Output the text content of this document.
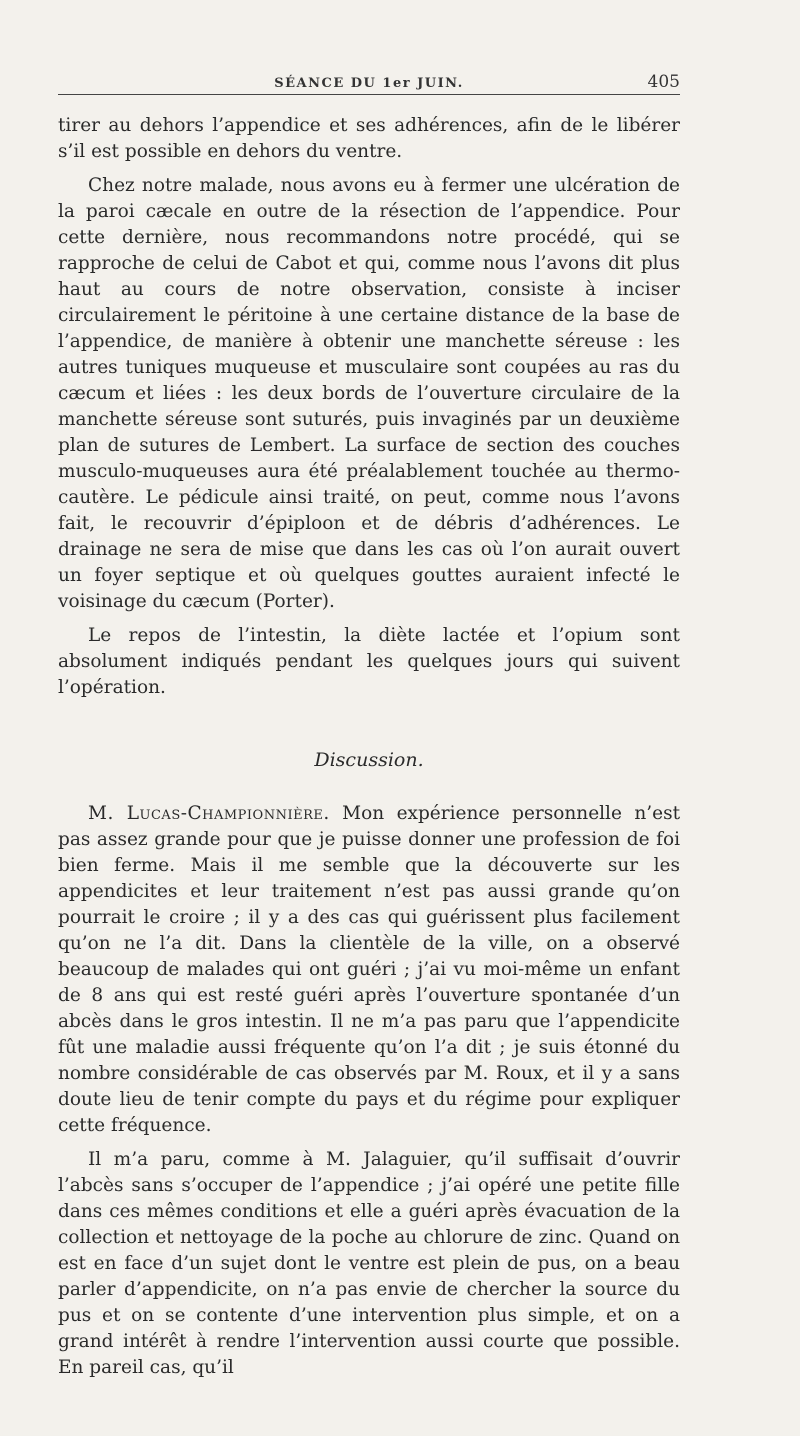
SÉANCE DU 1er JUIN.	405

tirer au dehors l’appendice et ses adhérences, afin de le libérer s’il est possible en dehors du ventre.

Chez notre malade, nous avons eu à fermer une ulcération de la paroi cæcale en outre de la résection de l’appendice. Pour cette dernière, nous recommandons notre procédé, qui se rapproche de celui de Cabot et qui, comme nous l’avons dit plus haut au cours de notre observation, consiste à inciser circulairement le péritoine à une certaine distance de la base de l’appendice, de manière à obtenir une manchette séreuse : les autres tuniques muqueuse et musculaire sont coupées au ras du cæcum et liées : les deux bords de l’ouverture circulaire de la manchette séreuse sont suturés, puis invaginés par un deuxième plan de sutures de Lembert. La surface de section des couches musculo-muqueuses aura été préalablement touchée au thermo-cautère. Le pédicule ainsi traité, on peut, comme nous l’avons fait, le recouvrir d’épiploon et de débris d’adhérences. Le drainage ne sera de mise que dans les cas où l’on aurait ouvert un foyer septique et où quelques gouttes auraient infecté le voisinage du cæcum (Porter).

Le repos de l’intestin, la diète lactée et l’opium sont absolument indiqués pendant les quelques jours qui suivent l’opération.

Discussion.

M. Lucas-Championnière. Mon expérience personnelle n’est pas assez grande pour que je puisse donner une profession de foi bien ferme. Mais il me semble que la découverte sur les appendicites et leur traitement n’est pas aussi grande qu’on pourrait le croire ; il y a des cas qui guérissent plus facilement qu’on ne l’a dit. Dans la clientèle de la ville, on a observé beaucoup de malades qui ont guéri ; j’ai vu moi-même un enfant de 8 ans qui est resté guéri après l’ouverture spontanée d’un abcès dans le gros intestin. Il ne m’a pas paru que l’appendicite fût une maladie aussi fréquente qu’on l’a dit ; je suis étonné du nombre considérable de cas observés par M. Roux, et il y a sans doute lieu de tenir compte du pays et du régime pour expliquer cette fréquence.

Il m’a paru, comme à M. Jalaguier, qu’il suffisait d’ouvrir l’abcès sans s’occuper de l’appendice ; j’ai opéré une petite fille dans ces mêmes conditions et elle a guéri après évacuation de la collection et nettoyage de la poche au chlorure de zinc. Quand on est en face d’un sujet dont le ventre est plein de pus, on a beau parler d’appendicite, on n’a pas envie de chercher la source du pus et on se contente d’une intervention plus simple, et on a grand intérêt à rendre l’intervention aussi courte que possible. En pareil cas, qu’il
